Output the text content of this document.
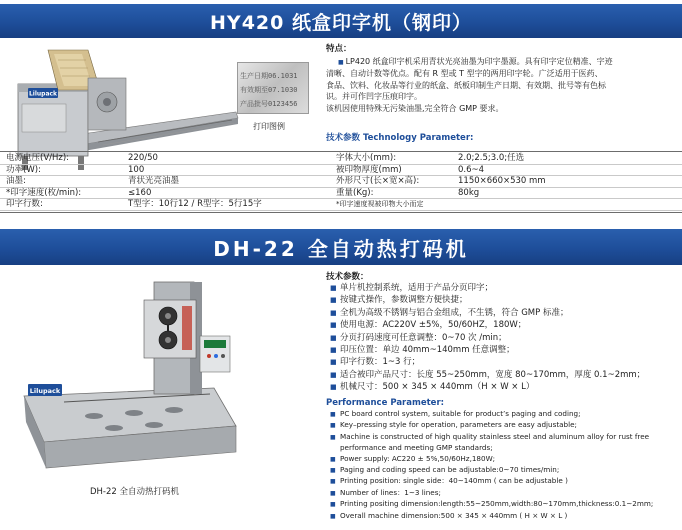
HY420 纸盒印字机（钢印）
Lilupack
生产日期06.1031
有效期至07.1030
产品批号0123456
打印图例
特点：
■ LP420 纸盒印字机采用青状光亮油墨为印字墨源。具有印字定位精准、字迹
清晰、自动计数等优点。配有 R 型或 T 型字的两用印字轮。广泛适用于医药、
食品、饮料、化妆品等行业的纸盒、纸板印制生产日期、有效期、批号等有色标
识。并可作凹字压痕印字。
该机因使用特殊无污染油墨,完全符合 GMP 要求。
技术参数 Technology Parameter:
电源电压(V/Hz):	220/50	字体大小(mm):	2.0;2.5;3.0;任选
功率(W):	100	被印物厚度(mm)	0.6~4
油墨:	青状光亮油墨	外形尺寸(长×宽×高):	1150×660×530 mm
*印字速度(枚/min):	≤160	重量(Kg):	80kg
印字行数:	T型字：10行12 / R型字：5行15字	*印字速度视被印物大小而定
DH-22 全自动热打码机
Lilupack
DH-22 全自动热打码机
技术参数：
■ 单片机控制系统，适用于产品分页印字；
■ 按键式操作，参数调整方便快捷；
■ 全机为高级不锈钢与铝合金组成，不生锈，符合 GMP 标准；
■ 使用电源：AC220V ±5%，50/60HZ，180W；
■ 分页打码速度可任意调整：0~70 次 /min；
■ 印压位置：单边 40mm~140mm 任意调整；
■ 印字行数：1~3 行；
■ 适合被印产品尺寸：长度 55~250mm，宽度 80~170mm，厚度 0.1~2mm；
■ 机械尺寸：500 × 345 × 440mm（H × W × L）
Performance Parameter:
■ PC board control system, suitable for product’s paging and coding;
■ Key–pressing style for operation, parameters are easy adjustable;
■ Machine is constructed of high quality stainless steel and aluminum alloy for rust free
performance and meeting GMP standards;
■ Power supply: AC220 ± 5%,50/60Hz,180W;
■ Paging and coding speed can be adjustable:0~70 times/min;
■ Printing position: single side：40~140mm ( can be adjustable )
■ Number of lines：1~3 lines;
■ Printing positing dimension:length:55~250mm,width:80~170mm,thickness:0.1~2mm;
■ Overall machine dimension:500 × 345 × 440mm ( H × W × L )
